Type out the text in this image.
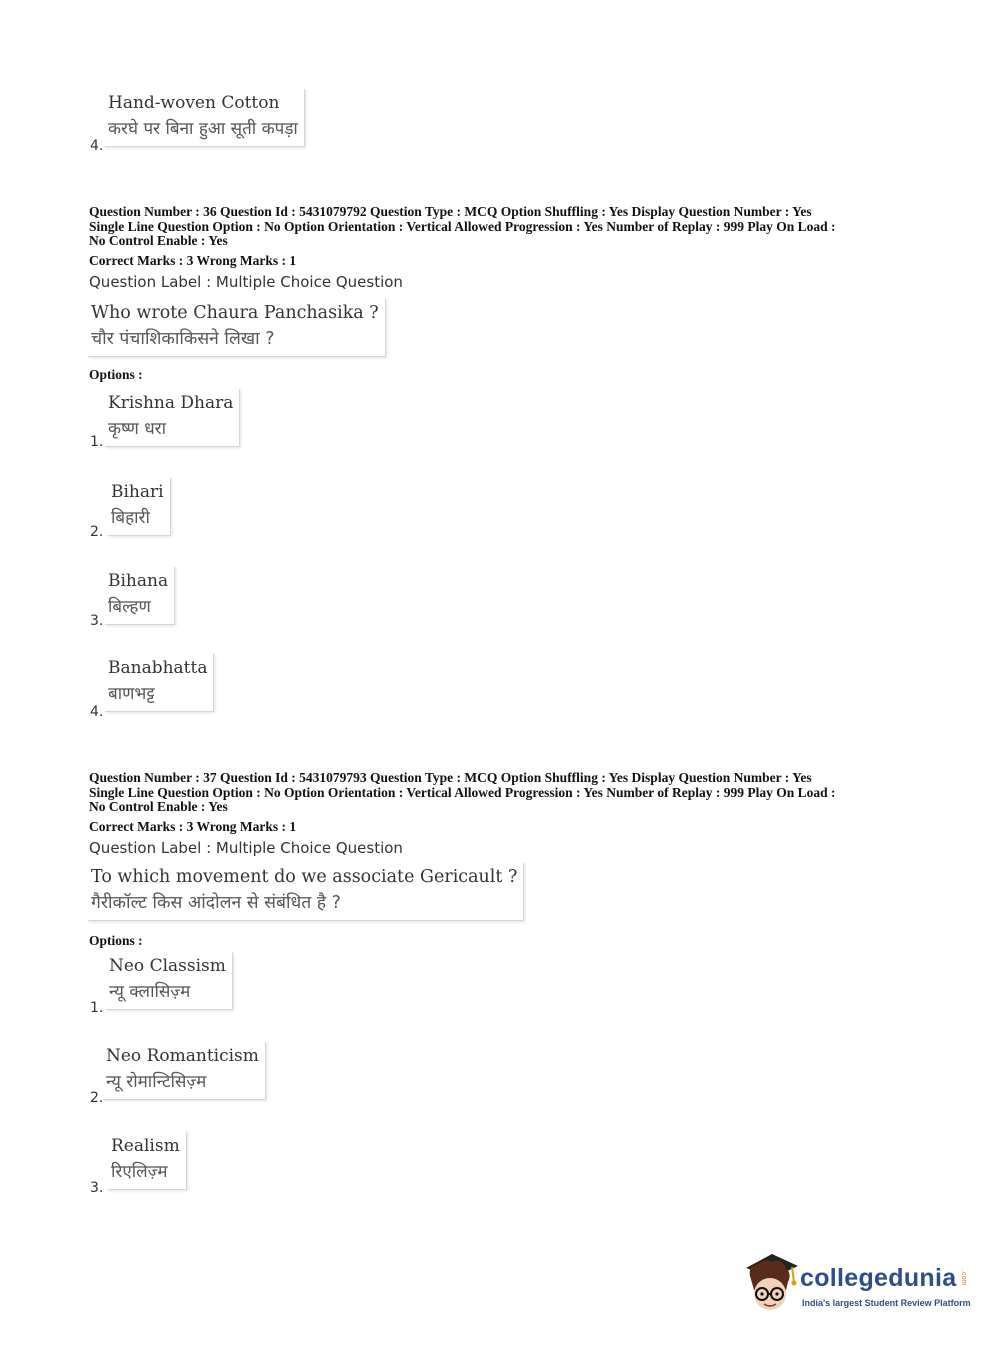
Hand-woven Cotton
करघे पर बिना हुआ सूती कपड़ा
4.
Question Number : 36 Question Id : 5431079792 Question Type : MCQ Option Shuffling : Yes Display Question Number : Yes
Single Line Question Option : No Option Orientation : Vertical Allowed Progression : Yes Number of Replay : 999 Play On Load :
No Control Enable : Yes
Correct Marks : 3 Wrong Marks : 1
Question Label : Multiple Choice Question
Who wrote Chaura Panchasika ?
चौर पंचाशिकाकिसने लिखा ?
Options :
Krishna Dhara
कृष्ण धरा
1.
Bihari
बिहारी
2.
Bihana
बिल्हण
3.
Banabhatta
बाणभट्ट
4.
Question Number : 37 Question Id : 5431079793 Question Type : MCQ Option Shuffling : Yes Display Question Number : Yes
Single Line Question Option : No Option Orientation : Vertical Allowed Progression : Yes Number of Replay : 999 Play On Load :
No Control Enable : Yes
Correct Marks : 3 Wrong Marks : 1
Question Label : Multiple Choice Question
To which movement do we associate Gericault ?
गैरीकॉल्ट किस आंदोलन से संबंधित है ?
Options :
Neo Classism
न्यू क्लासिज़्म
1.
Neo Romanticism
न्यू रोमान्टिसिज़्म
2.
Realism
रिएलिज़्म
3.
collegedunia .com
India's largest Student Review Platform
